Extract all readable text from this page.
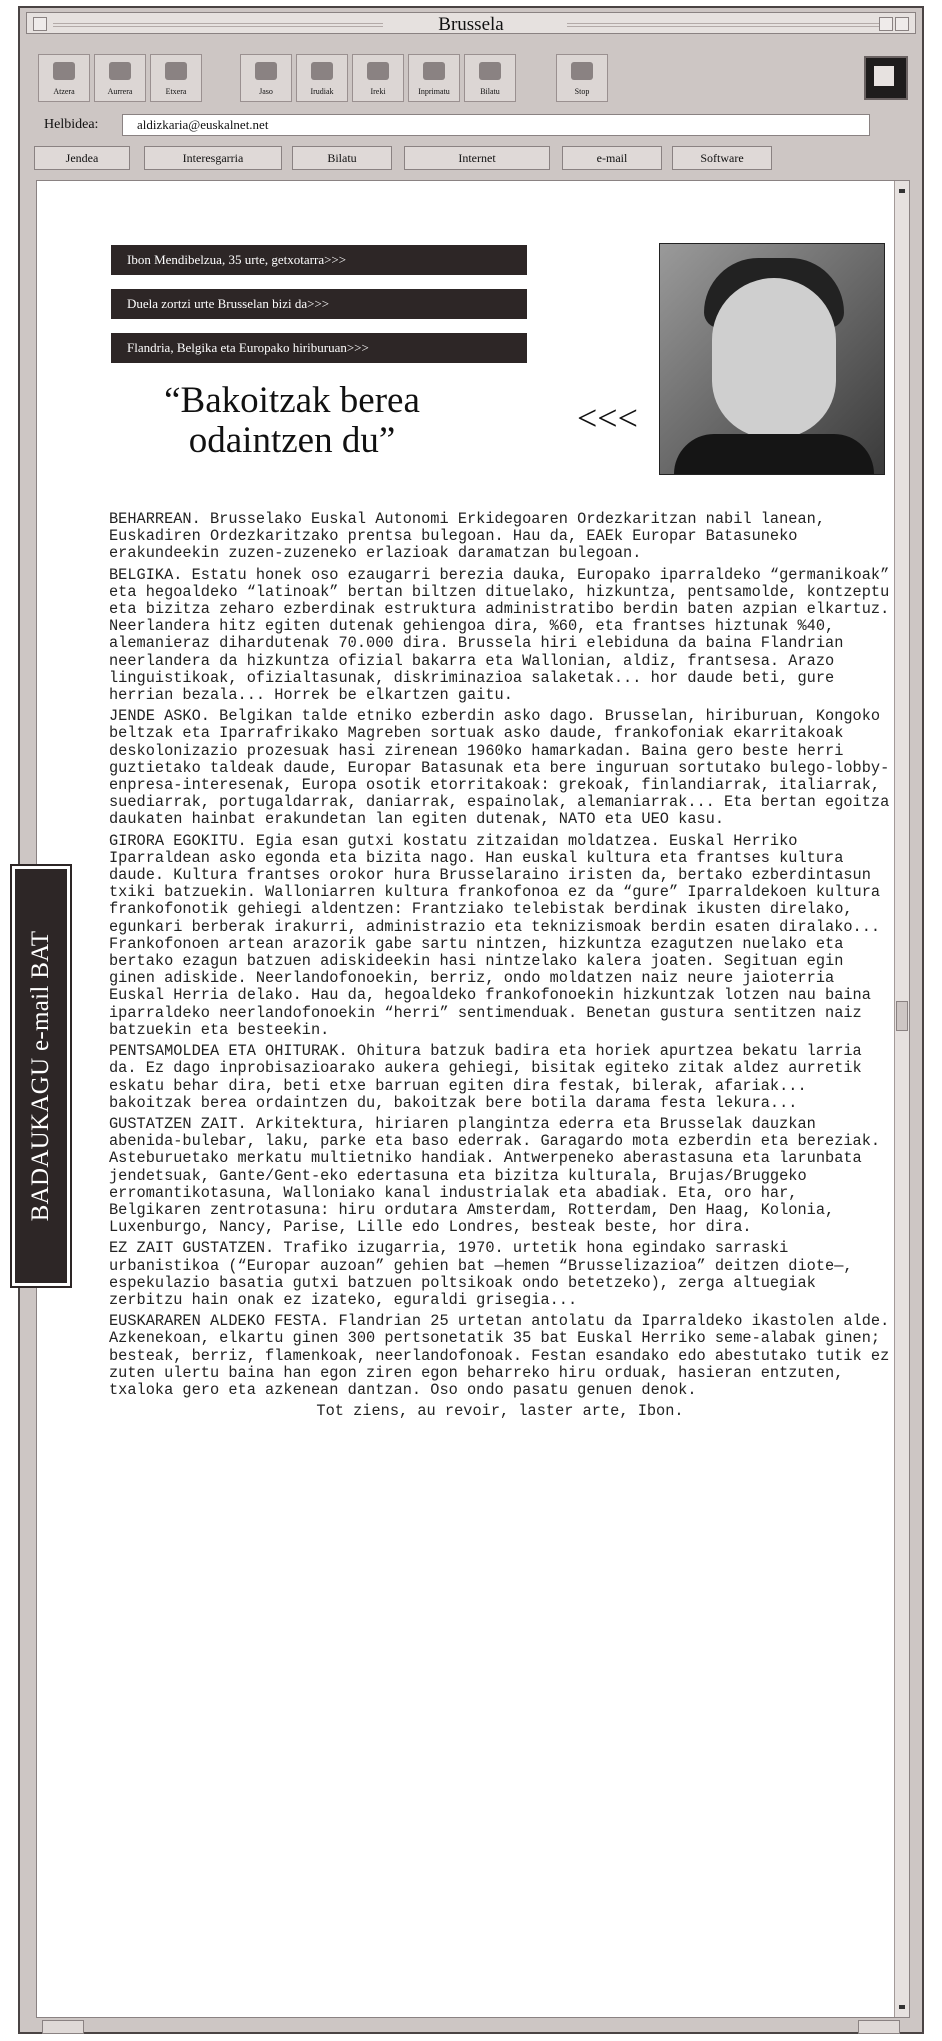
Brussela
Atzera	Aurrera	Etxera	Jaso	Irudiak	Ireki	Inprimatu	Bilatu	Stop
Helbidea:	aldizkaria@euskalnet.net
Jendea	Interesgarria	Bilatu	Internet	e-mail	Software
Ibon Mendibelzua, 35 urte, getxotarra>>>
Duela zortzi urte Brusselan bizi da>>>
Flandria, Belgika eta Europako hiriburuan>>>
“Bakoitzak berea odaintzen du”
<<<

BEHARREAN. Brusselako Euskal Autonomi Erkidegoaren Ordezkaritzan nabil lanean, Euskadiren Ordezkaritzako prentsa bulegoan. Hau da, EAEk Europar Batasuneko erakundeekin zuzen-zuzeneko erlazioak daramatzan bulegoan.

BELGIKA. Estatu honek oso ezaugarri berezia dauka, Europako iparraldeko “germanikoak” eta hegoaldeko “latinoak” bertan biltzen dituelako, hizkuntza, pentsamolde, kontzeptu eta bizitza zeharo ezberdinak estruktura administratibo berdin baten azpian elkartuz. Neerlandera hitz egiten dutenak gehiengoa dira, %60, eta frantses hiztunak %40, alemanieraz dihardutenak 70.000 dira. Brussela hiri elebiduna da baina Flandrian neerlandera da hizkuntza ofizial bakarra eta Wallonian, aldiz, frantsesa. Arazo linguistikoak, ofizialtasunak, diskriminazioa salaketak... hor daude beti, gure herrian bezala... Horrek be elkartzen gaitu.

JENDE ASKO. Belgikan talde etniko ezberdin asko dago. Brusselan, hiriburuan, Kongoko beltzak eta Iparrafrikako Magreben sortuak asko daude, frankofoniak ekarritakoak deskolonizazio prozesuak hasi zirenean 1960ko hamarkadan. Baina gero beste herri guztietako taldeak daude, Europar Batasunak eta bere inguruan sortutako bulego-lobby-enpresa-interesenak, Europa osotik etorritakoak: grekoak, finlandiarrak, italiarrak, suediarrak, portugaldarrak, daniarrak, espainolak, alemaniarrak... Eta bertan egoitza daukaten hainbat erakundetan lan egiten dutenak, NATO eta UEO kasu.

GIRORA EGOKITU. Egia esan gutxi kostatu zitzaidan moldatzea. Euskal Herriko Iparraldean asko egonda eta bizita nago. Han euskal kultura eta frantses kultura daude. Kultura frantses orokor hura Brusselaraino iristen da, bertako ezberdintasun txiki batzuekin. Walloniarren kultura frankofonoa ez da “gure” Iparraldekoen kultura frankofonotik gehiegi aldentzen: Frantziako telebistak berdinak ikusten direlako, egunkari berberak irakurri, administrazio eta teknizismoak berdin esaten diralako... Frankofonoen artean arazorik gabe sartu nintzen, hizkuntza ezagutzen nuelako eta bertako ezagun batzuen adiskideekin hasi nintzelako kalera joaten. Segituan egin ginen adiskide. Neerlandofonoekin, berriz, ondo moldatzen naiz neure jaioterria Euskal Herria delako. Hau da, hegoaldeko frankofonoekin hizkuntzak lotzen nau baina iparraldeko neerlandofonoekin “herri” sentimenduak. Benetan gustura sentitzen naiz batzuekin eta besteekin.

PENTSAMOLDEA ETA OHITURAK. Ohitura batzuk badira eta horiek apurtzea bekatu larria da. Ez dago inprobisazioarako aukera gehiegi, bisitak egiteko zitak aldez aurretik eskatu behar dira, beti etxe barruan egiten dira festak, bilerak, afariak... bakoitzak berea ordaintzen du, bakoitzak bere botila darama festa lekura...

GUSTATZEN ZAIT. Arkitektura, hiriaren plangintza ederra eta Brusselak dauzkan abenida-bulebar, laku, parke eta baso ederrak. Garagardo mota ezberdin eta bereziak. Asteburuetako merkatu multietniko handiak. Antwerpeneko aberastasuna eta larunbata jendetsuak, Gante/Gent-eko edertasuna eta bizitza kulturala, Brujas/Bruggeko erromantikotasuna, Walloniako kanal industrialak eta abadiak. Eta, oro har, Belgikaren zentrotasuna: hiru ordutara Amsterdam, Rotterdam, Den Haag, Kolonia, Luxenburgo, Nancy, Parise, Lille edo Londres, besteak beste, hor dira.

EZ ZAIT GUSTATZEN. Trafiko izugarria, 1970. urtetik hona egindako sarraski urbanistikoa (“Europar auzoan” gehien bat —hemen “Brusselizazioa” deitzen diote—, espekulazio basatia gutxi batzuen poltsikoak ondo betetzeko), zerga altuegiak zerbitzu hain onak ez izateko, eguraldi grisegia...

EUSKARAREN ALDEKO FESTA. Flandrian 25 urtetan antolatu da Iparraldeko ikastolen alde. Azkenekoan, elkartu ginen 300 pertsonetatik 35 bat Euskal Herriko seme-alabak ginen; besteak, berriz, flamenkoak, neerlandofonoak. Festan esandako edo abestutako tutik ez zuten ulertu baina han egon ziren egon beharreko hiru orduak, hasieran entzuten, txaloka gero eta azkenean dantzan. Oso ondo pasatu genuen denok.

Tot ziens, au revoir, laster arte, Ibon.

BADAUKAGU e-mail BAT
